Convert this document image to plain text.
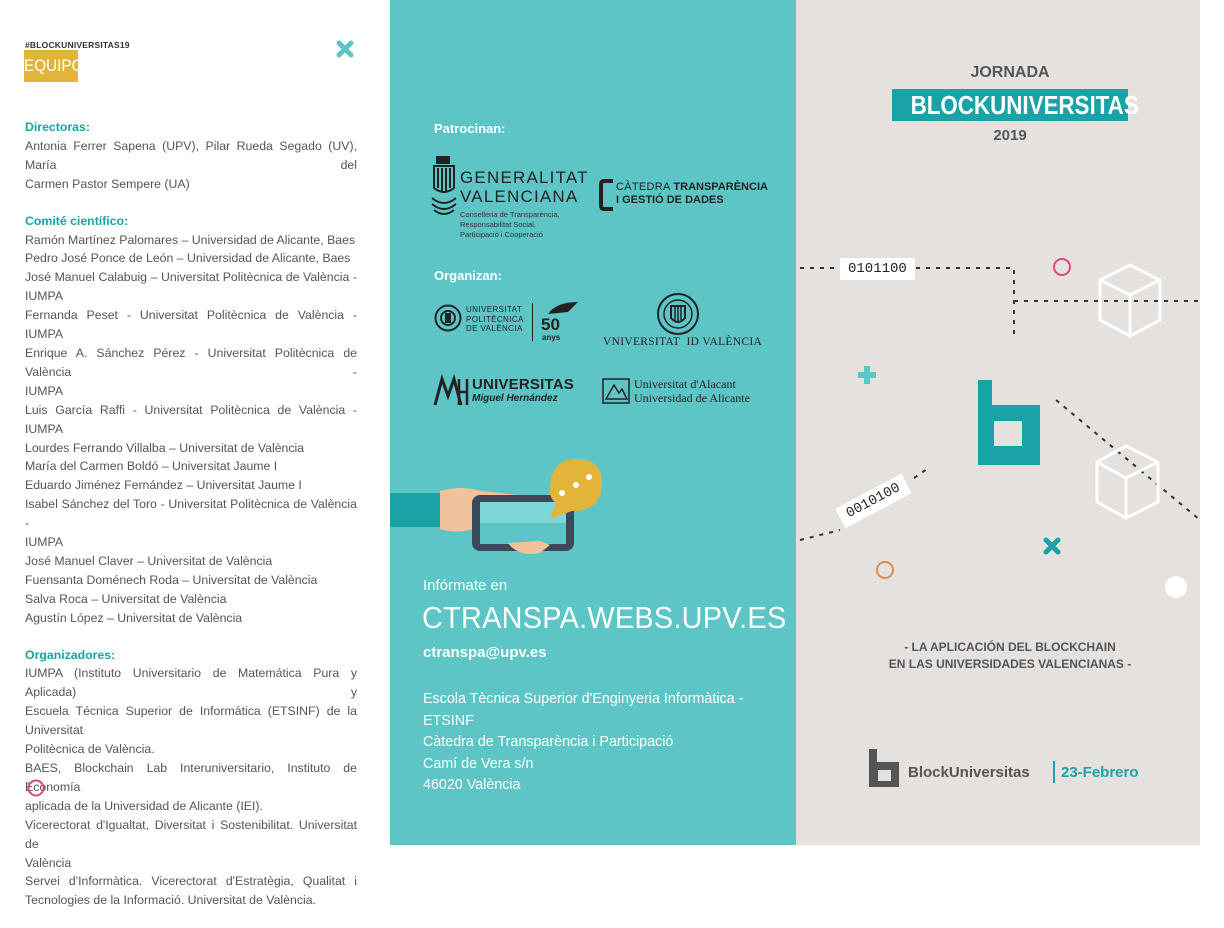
#BLOCKUNIVERSITAS19
EQUIPO

Directoras:

Antonia Ferrer Sapena (UPV), Pilar Rueda Segado (UV), María del

Carmen Pastor Sempere (UA)

Comité científico:

Ramón Martínez Palomares – Universidad de Alicante, Baes

Pedro José Ponce de León – Universidad de Alicante, Baes

José Manuel Calabuig – Universitat Politècnica de València -

IUMPA

Fernanda Peset - Universitat Politècnica de València - IUMPA

Enrique A. Sánchez Pérez - Universitat Politècnica de València -

IUMPA

Luis García Raffi - Universitat Politècnica de València - IUMPA

Lourdes Ferrando Villalba – Universitat de València

María del Carmen Boldó – Universitat Jaume I

Eduardo Jiménez Fernández – Universitat Jaume I

Isabel Sánchez del Toro - Universitat Politècnica de València -

IUMPA

José Manuel Claver – Universitat de València

Fuensanta Doménech Roda – Universitat de València

Salva Roca – Universitat de València

Agustín López – Universitat de València

Organizadores:

IUMPA (Instituto Universitario de Matemática Pura y Aplicada) y

Escuela Técnica Superior de Informática (ETSINF) de la Universitat

Politècnica de València.

BAES, Blockchain Lab Interuniversitario, Instituto de Economía

aplicada de la Universidad de Alicante (IEI).

Vicerectorat d'Igualtat, Diversitat i Sostenibilitat. Universitat de

València

Servei d'Informàtica. Vicerectorat d'Estratègia, Qualitat i

Tecnologies de la Informació. Universitat de València.

Patrocinan:
GENERALITAT
VALENCIANA
Conselleria de Transparència,
Responsabilitat Social,
Participació i Cooperació
CÀTEDRA TRANSPARÈNCIA
I GESTIÓ DE DADES
Organizan:
UNIVERSITAT
POLITÈCNICA
DE VALÈNCIA 50
anys	VNIVERSITAT  ID VALÈNCIA
UNIVERSITAS
Miguel Hernández
Universitat d'Alacant
Universidad de Alicante
Infórmate en
CTRANSPA.WEBS.UPV.ES
ctranspa@upv.es
Escola Tècnica Superior d'Enginyeria Informàtica - ETSINF
Càtedra de Transparència i Participació
Camí de Vera s/n
46020 València
JORNADA
BLOCKUNIVERSITAS
2019
0101100
0010100
- LA APLICACIÓN DEL BLOCKCHAIN
EN LAS UNIVERSIDADES VALENCIANAS -
BlockUniversitas 23-Febrero
